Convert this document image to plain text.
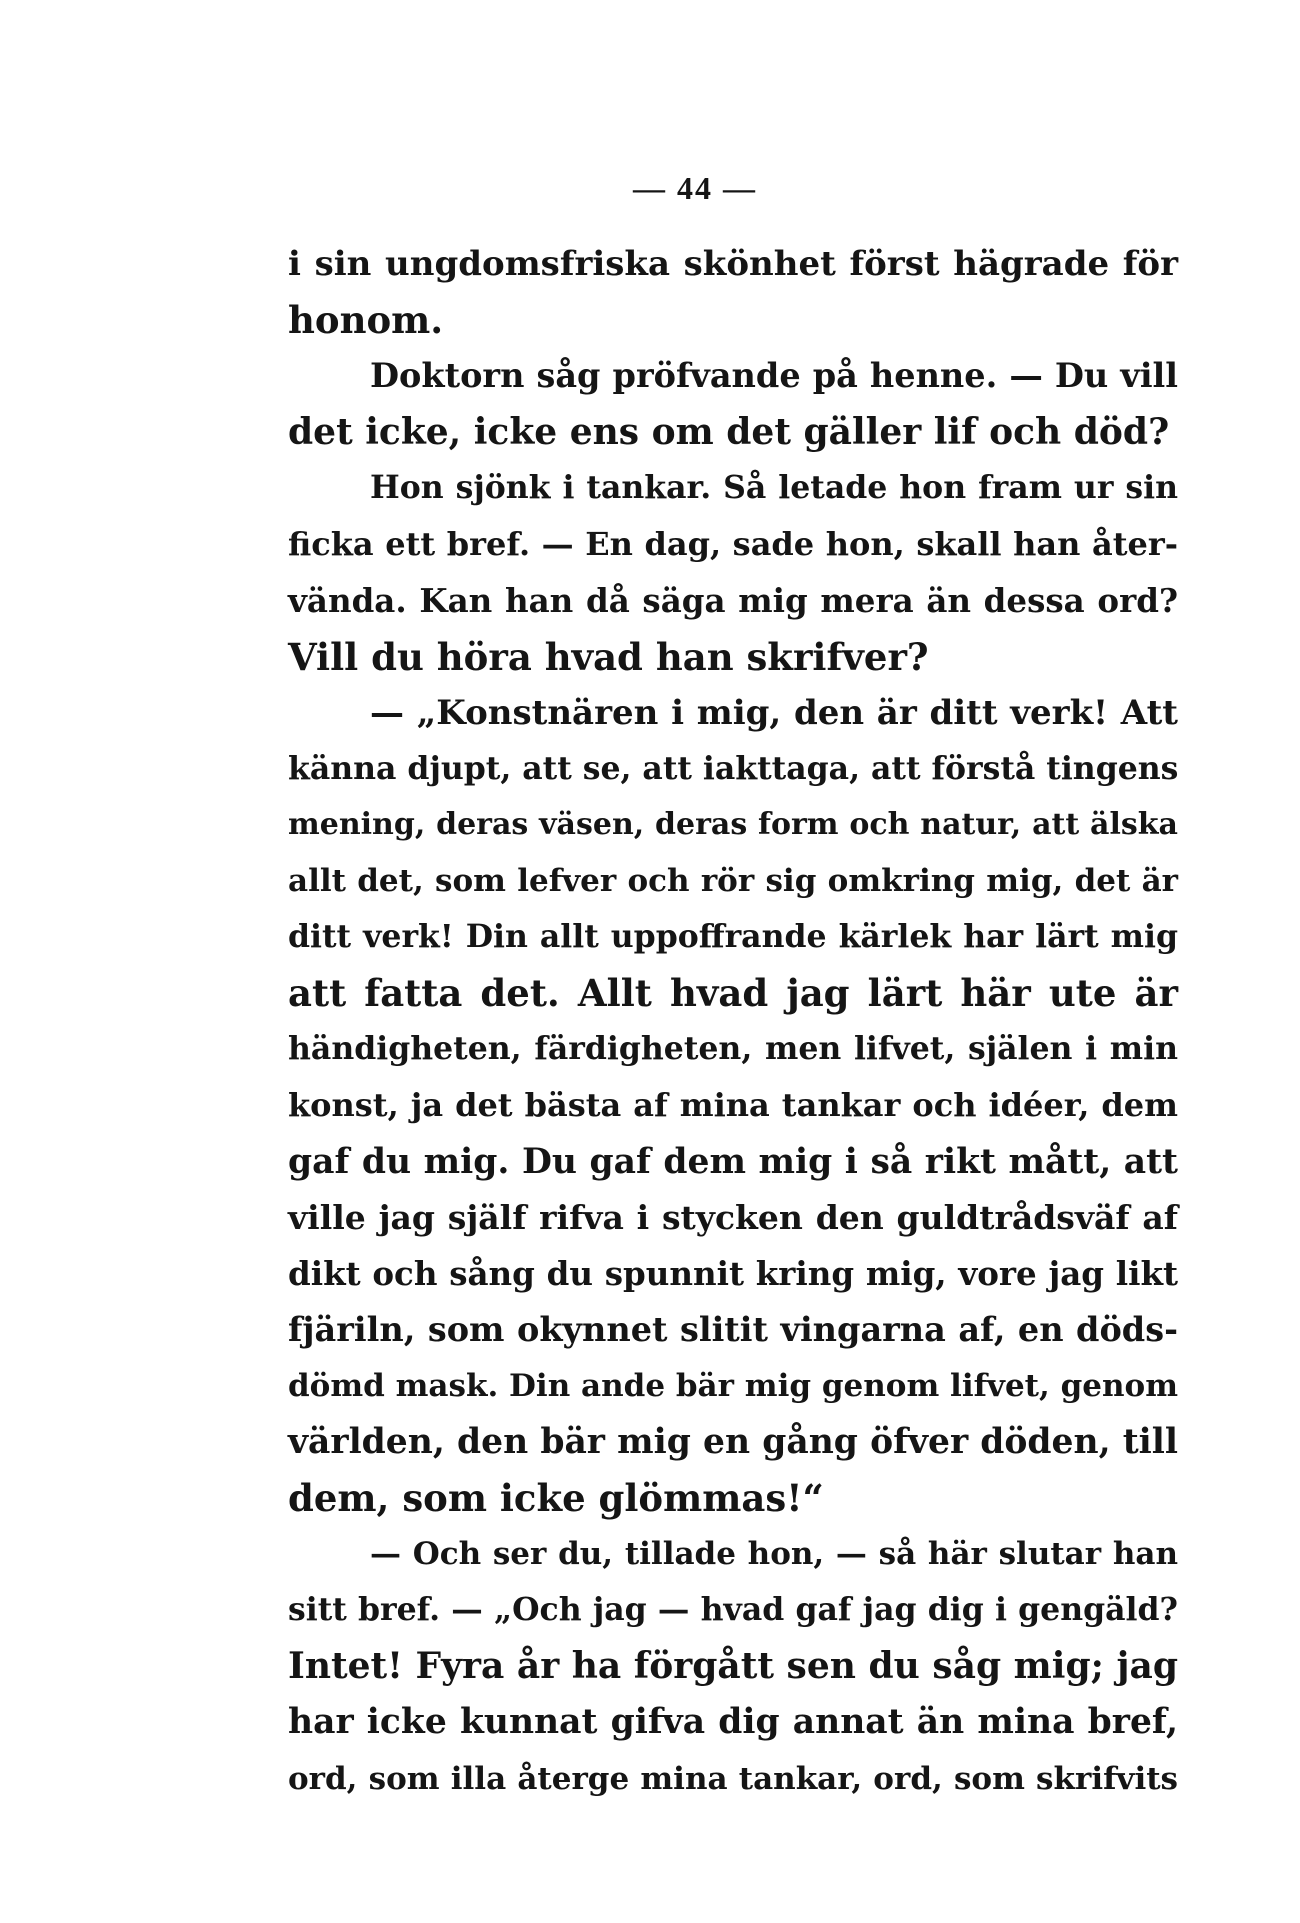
— 44 —
i sin ungdomsfriska skönhet först hägrade för
honom.
Doktorn såg pröfvande på henne. — Du vill
det icke, icke ens om det gäller lif och död?
Hon sjönk i tankar. Så letade hon fram ur sin
ficka ett bref. — En dag, sade hon, skall han åter-
vända. Kan han då säga mig mera än dessa ord?
Vill du höra hvad han skrifver?
— „Konstnären i mig, den är ditt verk! Att
känna djupt, att se, att iakttaga, att förstå tingens
mening, deras väsen, deras form och natur, att älska
allt det, som lefver och rör sig omkring mig, det är
ditt verk! Din allt uppoffrande kärlek har lärt mig
att fatta det. Allt hvad jag lärt här ute är
händigheten, färdigheten, men lifvet, själen i min
konst, ja det bästa af mina tankar och idéer, dem
gaf du mig. Du gaf dem mig i så rikt mått, att
ville jag själf rifva i stycken den guldtrådsväf af
dikt och sång du spunnit kring mig, vore jag likt
fjäriln, som okynnet slitit vingarna af, en döds-
dömd mask. Din ande bär mig genom lifvet, genom
världen, den bär mig en gång öfver döden, till
dem, som icke glömmas!“
— Och ser du, tillade hon, — så här slutar han
sitt bref. — „Och jag — hvad gaf jag dig i gengäld?
Intet! Fyra år ha förgått sen du såg mig; jag
har icke kunnat gifva dig annat än mina bref,
ord, som illa återge mina tankar, ord, som skrifvits
